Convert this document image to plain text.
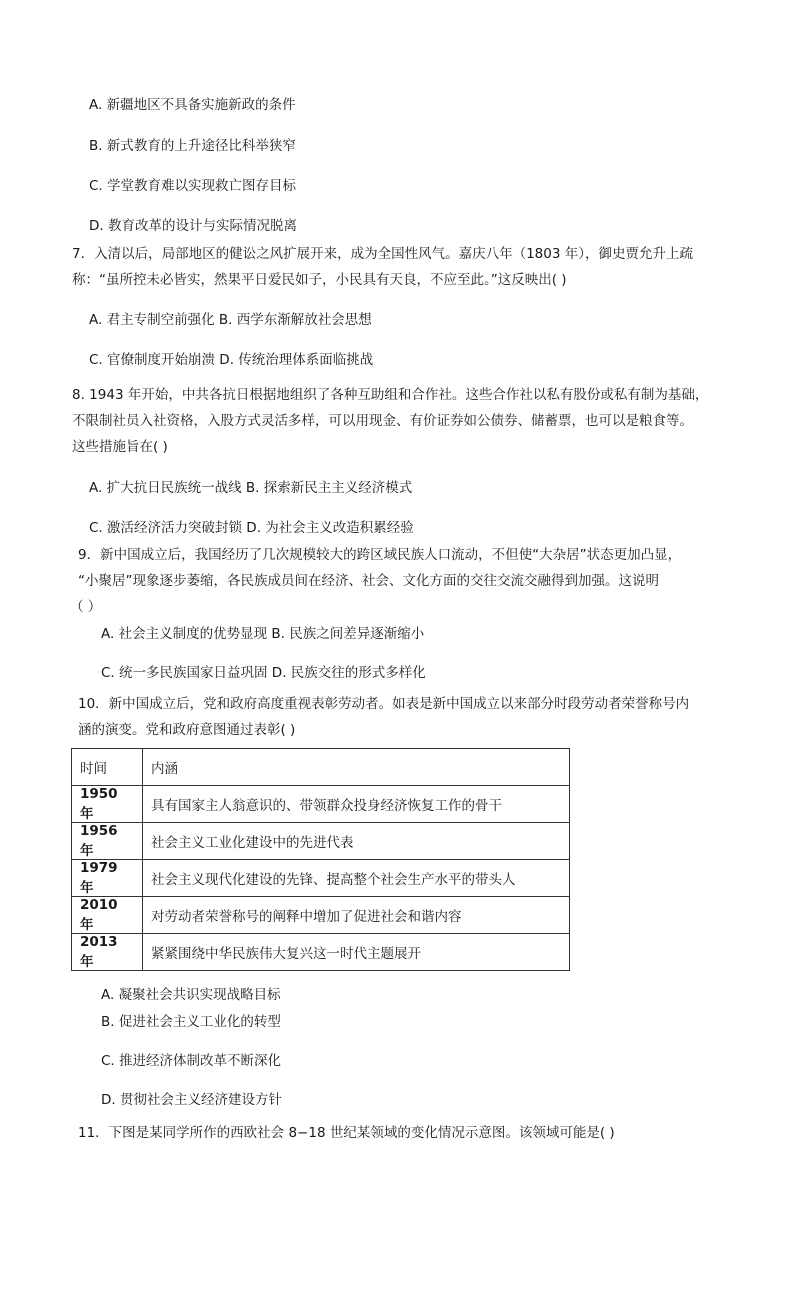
A. 新疆地区不具备实施新政的条件
B. 新式教育的上升途径比科举狭窄
C. 学堂教育难以实现救亡图存目标
D. 教育改革的设计与实际情况脱离
7．入清以后，局部地区的健讼之风扩展开来，成为全国性风气。嘉庆八年（1803 年），御史贾允升上疏
称：“虽所控未必皆实，然果平日爱民如子，小民具有天良，不应至此。”这反映出( )
A. 君主专制空前强化 B. 西学东渐解放社会思想
C. 官僚制度开始崩溃 D. 传统治理体系面临挑战
8. 1943 年开始，中共各抗日根据地组织了各种互助组和合作社。这些合作社以私有股份或私有制为基础，
不限制社员入社资格，入股方式灵活多样，可以用现金、有价证券如公债券、储蓄票，也可以是粮食等。
这些措施旨在( )
A. 扩大抗日民族统一战线 B. 探索新民主主义经济模式
C. 激活经济活力突破封锁 D. 为社会主义改造积累经验
9．新中国成立后，我国经历了几次规模较大的跨区域民族人口流动，不但使“大杂居”状态更加凸显，
“小聚居”现象逐步萎缩，各民族成员间在经济、社会、文化方面的交往交流交融得到加强。这说明
（ ）
A. 社会主义制度的优势显现 B. 民族之间差异逐渐缩小
C. 统一多民族国家日益巩固 D. 民族交往的形式多样化
10．新中国成立后，党和政府高度重视表彰劳动者。如表是新中国成立以来部分时段劳动者荣誉称号内
涵的演变。党和政府意图通过表彰( )
时间	内涵
1950 年	具有国家主人翁意识的、带领群众投身经济恢复工作的骨干
1956 年	社会主义工业化建设中的先进代表
1979 年	社会主义现代化建设的先锋、提高整个社会生产水平的带头人
2010 年	对劳动者荣誉称号的阐释中增加了促进社会和谐内容
2013 年	紧紧围绕中华民族伟大复兴这一时代主题展开
A. 凝聚社会共识实现战略目标
B. 促进社会主义工业化的转型
C. 推进经济体制改革不断深化
D. 贯彻社会主义经济建设方针
11．下图是某同学所作的西欧社会 8−18 世纪某领域的变化情况示意图。该领域可能是( )
